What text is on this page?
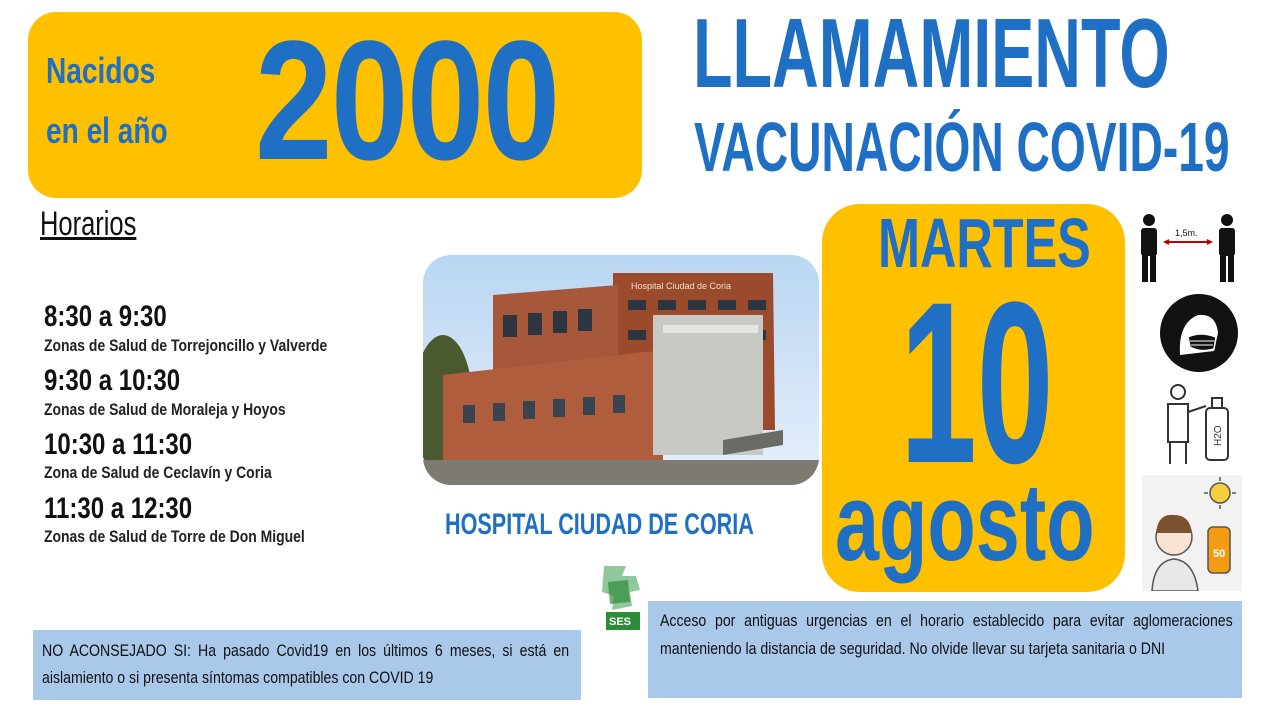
Nacidos
en el año 2000 LLAMAMIENTO
VACUNACIÓN COVID-19
Horarios
8:30 a 9:30
Zonas de Salud de Torrejoncillo y Valverde
9:30 a 10:30
Zonas de Salud de Moraleja y Hoyos
10:30 a 11:30
Zona de Salud de Ceclavín y Coria
11:30 a 12:30
Zonas de Salud de Torre de Don Miguel
Hospital Ciudad de Coria
HOSPITAL CIUDAD DE CORIA
MARTES
10
agosto
1,5m.
H2O
50
SES Acceso por antiguas urgencias en el horario establecido para evitar aglomeraciones manteniendo la distancia de seguridad. No olvide llevar su tarjeta sanitaria o DNI
NO ACONSEJADO SI: Ha pasado Covid19 en los últimos 6 meses, si está en aislamiento o si presenta síntomas compatibles con COVID 19
